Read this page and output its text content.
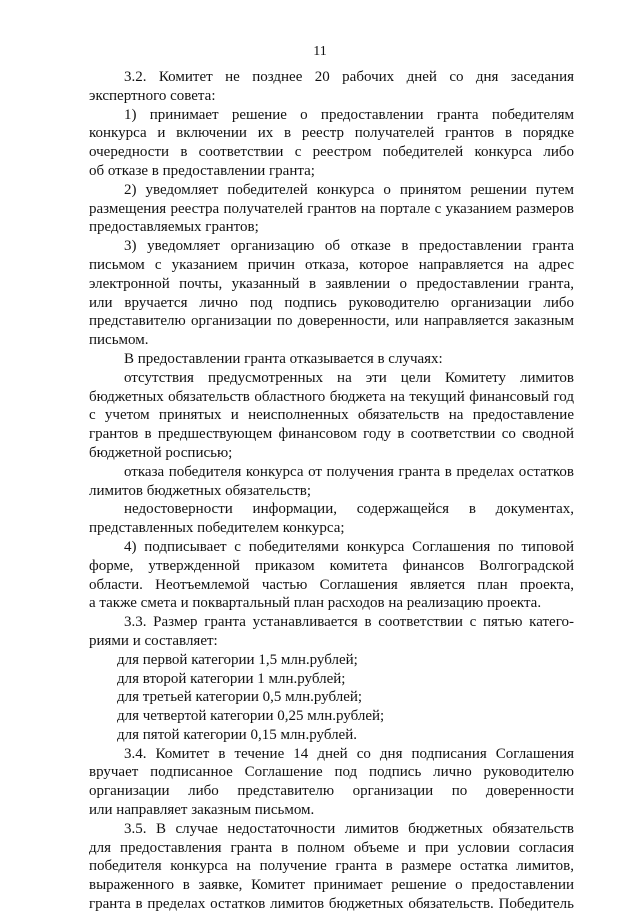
11
3.2. Комитет не позднее 20 рабочих дней со дня заседания
экспертного совета:
1) принимает решение о предоставлении гранта победителям
конкурса и включении их в реестр получателей грантов в порядке
очередности в соответствии с реестром победителей конкурса либо
об отказе в предоставлении гранта;
2) уведомляет победителей конкурса о принятом решении путем
размещения реестра получателей грантов на портале с указанием размеров
предоставляемых грантов;
3) уведомляет организацию об отказе в предоставлении гранта
письмом с указанием причин отказа, которое направляется на адрес
электронной почты, указанный в заявлении о предоставлении гранта,
или вручается лично под подпись руководителю организации либо
представителю организации по доверенности, или направляется заказным
письмом.
В предоставлении гранта отказывается в случаях:
отсутствия предусмотренных на эти цели Комитету лимитов
бюджетных обязательств областного бюджета на текущий финансовый год
с учетом принятых и неисполненных обязательств на предоставление
грантов в предшествующем финансовом году в соответствии со сводной
бюджетной росписью;
отказа победителя конкурса от получения гранта в пределах остатков
лимитов бюджетных обязательств;
недостоверности информации, содержащейся в документах,
представленных победителем конкурса;
4) подписывает с победителями конкурса Соглашения по типовой
форме, утвержденной приказом комитета финансов Волгоградской
области. Неотъемлемой частью Соглашения является план проекта,
а также смета и поквартальный план расходов на реализацию проекта.
3.3. Размер гранта устанавливается в соответствии с пятью катего-
риями и составляет:
для первой категории 1,5 млн.рублей;
для второй категории 1 млн.рублей;
для третьей категории 0,5 млн.рублей;
для четвертой категории 0,25 млн.рублей;
для пятой категории 0,15 млн.рублей.
3.4. Комитет в течение 14 дней со дня подписания Соглашения
вручает подписанное Соглашение под подпись лично руководителю
организации либо представителю организации по доверенности
или направляет заказным письмом.
3.5. В случае недостаточности лимитов бюджетных обязательств
для предоставления гранта в полном объеме и при условии согласия
победителя конкурса на получение гранта в размере остатка лимитов,
выраженного в заявке, Комитет принимает решение о предоставлении
гранта в пределах остатков лимитов бюджетных обязательств. Победитель
